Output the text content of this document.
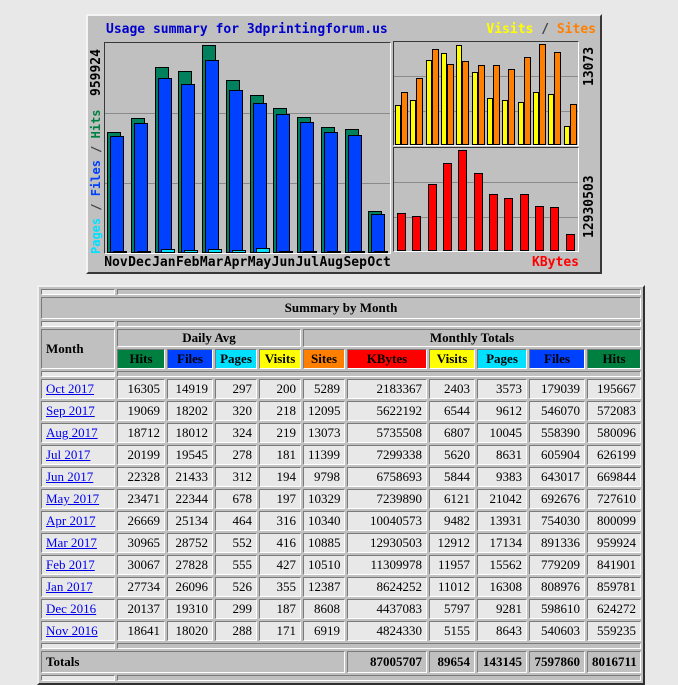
Usage summary for 3dprintingforum.us	Visits / Sites
959924
Pages / Files / Hits
13073
12930503
Nov Dec Jan Feb Mar Apr May Jun Jul Aug Sep Oct	KBytes

Summary by Month										

Month	Daily Avg				Monthly Totals					
	Hits	Files	Pages	Visits	Sites	KBytes	Visits	Pages	Files	Hits

Oct 2017	16305	14919	297	200	5289	2183367	2403	3573	179039	195667
Sep 2017	19069	18202	320	218	12095	5622192	6544	9612	546070	572083
Aug 2017	18712	18012	324	219	13073	5735508	6807	10045	558390	580096
Jul 2017	20199	19545	278	181	11399	7299338	5620	8631	605904	626199
Jun 2017	22328	21433	312	194	9798	6758693	5844	9383	643017	669844
May 2017	23471	22344	678	197	10329	7239890	6121	21042	692676	727610
Apr 2017	26669	25134	464	316	10340	10040573	9482	13931	754030	800099
Mar 2017	30965	28752	552	416	10885	12930503	12912	17134	891336	959924
Feb 2017	30067	27828	555	427	10510	11309978	11957	15562	779209	841901
Jan 2017	27734	26096	526	355	12387	8624252	11012	16308	808976	859781
Dec 2016	20137	19310	299	187	8608	4437083	5797	9281	598610	624272
Nov 2016	18641	18020	288	171	6919	4824330	5155	8643	540603	559235

Totals						87005707	89654	143145	7597860	8016711
